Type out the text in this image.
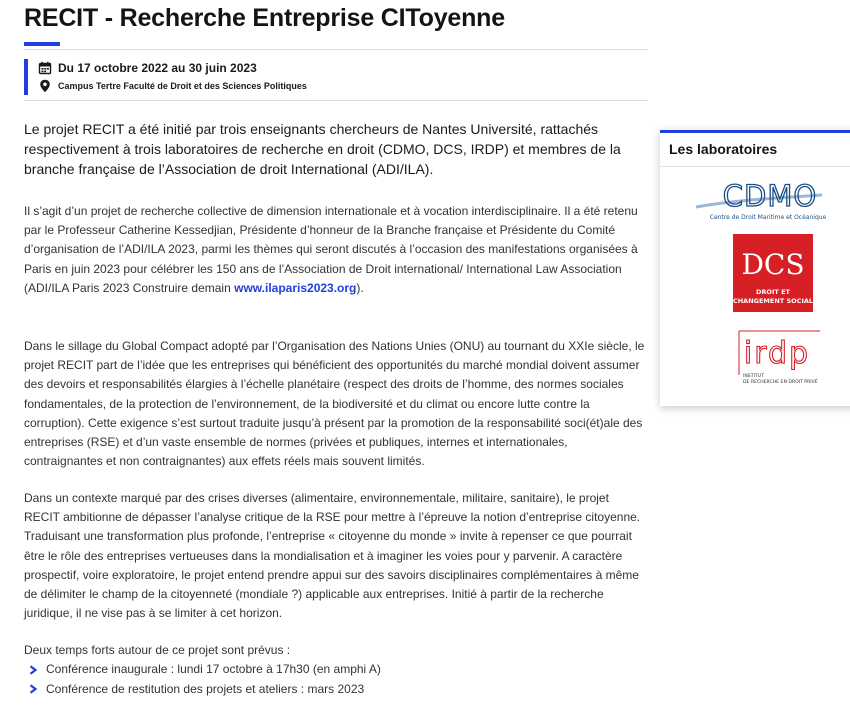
RECIT - Recherche Entreprise CIToyenne
Du 17 octobre 2022 au 30 juin 2023
Campus Tertre Faculté de Droit et des Sciences Politiques

Le projet RECIT a été initié par trois enseignants chercheurs de Nantes Université, rattachés respectivement à trois laboratoires de recherche en droit (CDMO, DCS, IRDP) et membres de la branche française de l’Association de droit International (ADI/ILA).

Il s’agit d’un projet de recherche collective de dimension internationale et à vocation interdisciplinaire. Il a été retenu par le Professeur Catherine Kessedjian, Présidente d’honneur de la Branche française et Présidente du Comité d’organisation de l’ADI/ILA 2023, parmi les thèmes qui seront discutés à l’occasion des manifestations organisées à Paris en juin 2023 pour célébrer les 150 ans de l’Association de Droit international/ International Law Association (ADI/ILA Paris 2023 Construire demain www.ilaparis2023.org).

Dans le sillage du Global Compact adopté par l’Organisation des Nations Unies (ONU) au tournant du XXIe siècle, le projet RECIT part de l’idée que les entreprises qui bénéficient des opportunités du marché mondial doivent assumer des devoirs et responsabilités élargies à l’échelle planétaire (respect des droits de l’homme, des normes sociales fondamentales, de la protection de l’environnement, de la biodiversité et du climat ou encore lutte contre la corruption). Cette exigence s’est surtout traduite jusqu’à présent par la promotion de la responsabilité soci(ét)ale des entreprises (RSE) et d’un vaste ensemble de normes (privées et publiques, internes et internationales, contraignantes et non contraignantes) aux effets réels mais souvent limités.

Dans un contexte marqué par des crises diverses (alimentaire, environnementale, militaire, sanitaire), le projet RECIT ambitionne de dépasser l’analyse critique de la RSE pour mettre à l’épreuve la notion d’entreprise citoyenne. Traduisant une transformation plus profonde, l’entreprise « citoyenne du monde » invite à repenser ce que pourrait être le rôle des entreprises vertueuses dans la mondialisation et à imaginer les voies pour y parvenir. A caractère prospectif, voire exploratoire, le projet entend prendre appui sur des savoirs disciplinaires complémentaires à même de délimiter le champ de la citoyenneté (mondiale ?) applicable aux entreprises. Initié à partir de la recherche juridique, il ne vise pas à se limiter à cet horizon.

Deux temps forts autour de ce projet sont prévus :

Conférence inaugurale : lundi 17 octobre à 17h30 (en amphi A)
Conférence de restitution des projets et ateliers : mars 2023
Les laboratoires
CDMO
Centre de Droit Maritime et Océanique
DCS
DROIT ET
CHANGEMENT SOCIAL
irdp
INSTITUT
DE RECHERCHE EN DROIT PRIVÉ
